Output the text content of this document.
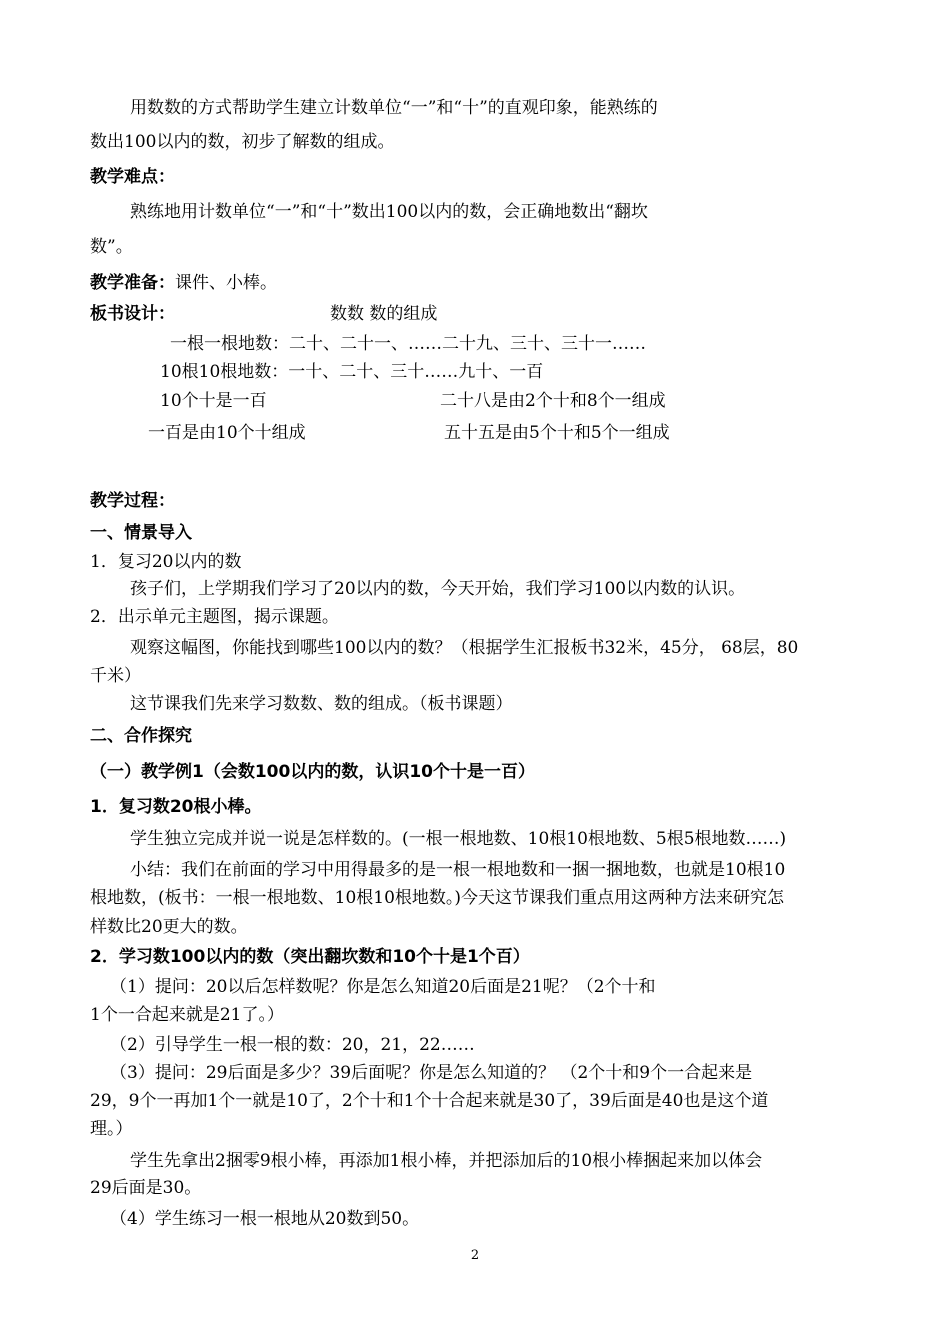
用数数的方式帮助学生建立计数单位“一”和“十”的直观印象，能熟练的
数出100以内的数，初步了解数的组成。
教学难点：
熟练地用计数单位“一”和“十”数出100以内的数，会正确地数出“翻坎
数”。
教学准备：课件、小棒。
板书设计：	数数 数的组成
一根一根地数：二十、二十一、……二十九、三十、三十一……
10根10根地数：一十、二十、三十……九十、一百
10个十是一百	二十八是由2个十和8个一组成
一百是由10个十组成	五十五是由5个十和5个一组成
教学过程：
一、情景导入
1．复习20以内的数
孩子们，上学期我们学习了20以内的数，今天开始，我们学习100以内数的认识。
2．出示单元主题图，揭示课题。
观察这幅图，你能找到哪些100以内的数？（根据学生汇报板书32米，45分， 68层，80
千米）
这节课我们先来学习数数、数的组成。（板书课题）
二、合作探究
（一）教学例1（会数100以内的数，认识10个十是一百）
1．复习数20根小棒。
学生独立完成并说一说是怎样数的。(一根一根地数、10根10根地数、5根5根地数……)
小结：我们在前面的学习中用得最多的是一根一根地数和一捆一捆地数，也就是10根10
根地数，(板书：一根一根地数、10根10根地数。)今天这节课我们重点用这两种方法来研究怎
样数比20更大的数。
2．学习数100以内的数（突出翻坎数和10个十是1个百）
（1）提问：20以后怎样数呢？你是怎么知道20后面是21呢？（2个十和
1个一合起来就是21了。）
（2）引导学生一根一根的数：20，21，22……
（3）提问：29后面是多少？39后面呢？你是怎么知道的？ （2个十和9个一合起来是
29，9个一再加1个一就是10了，2个十和1个十合起来就是30了，39后面是40也是这个道
理。）
学生先拿出2捆零9根小棒，再添加1根小棒，并把添加后的10根小棒捆起来加以体会
29后面是30。
（4）学生练习一根一根地从20数到50。
2
